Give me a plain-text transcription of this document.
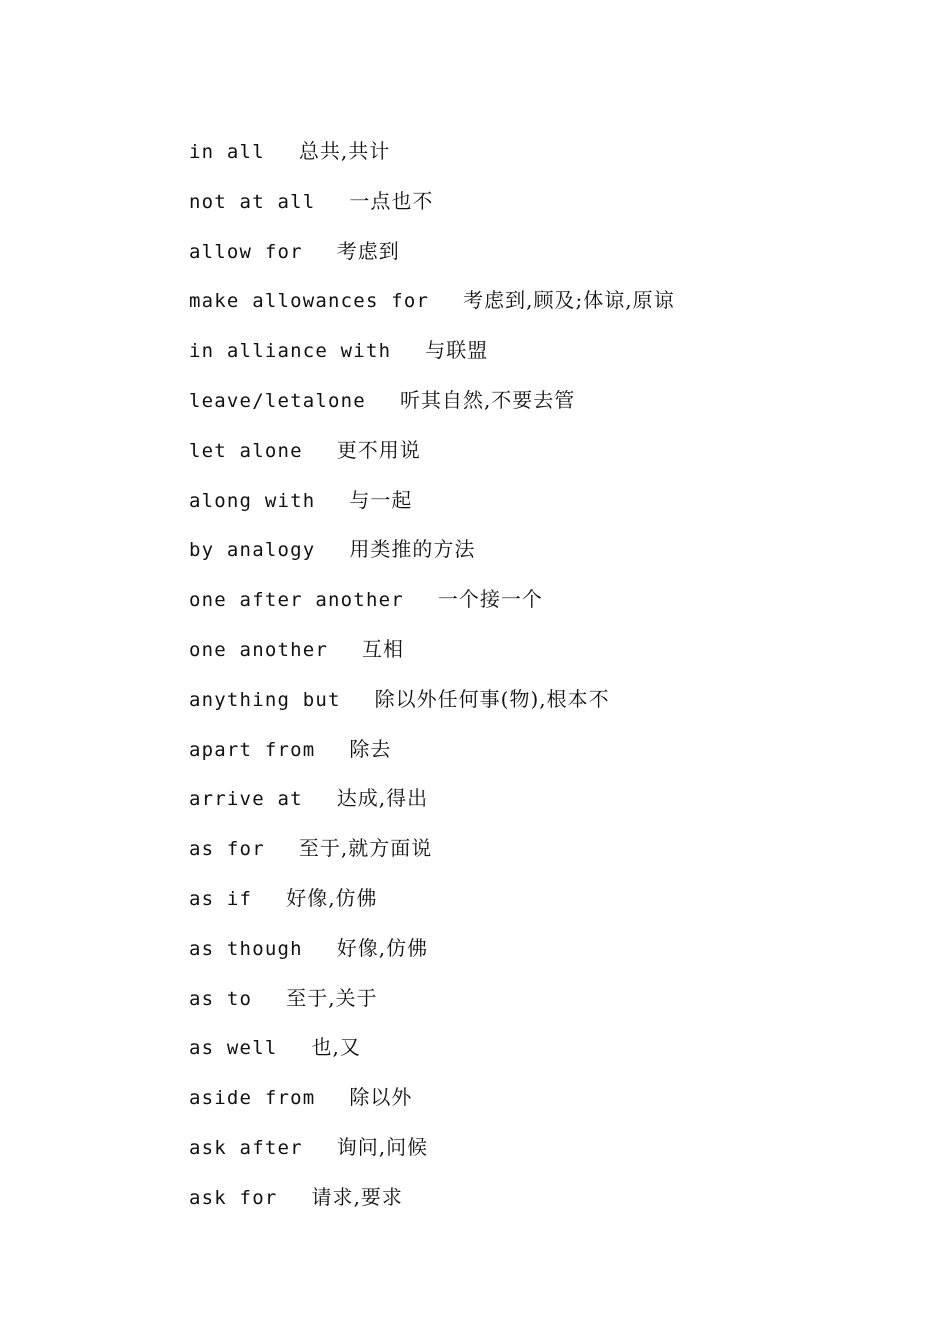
in all 总共,共计
not at all 一点也不
allow for 考虑到
make allowances for 考虑到,顾及;体谅,原谅
in alliance with 与联盟
leave/letalone 听其自然,不要去管
let alone 更不用说
along with 与一起
by analogy 用类推的方法
one after another 一个接一个
one another 互相
anything but 除以外任何事(物),根本不
apart from 除去
arrive at 达成,得出
as for 至于,就方面说
as if 好像,仿佛
as though 好像,仿佛
as to 至于,关于
as well 也,又
aside from 除以外
ask after 询问,问候
ask for 请求,要求
